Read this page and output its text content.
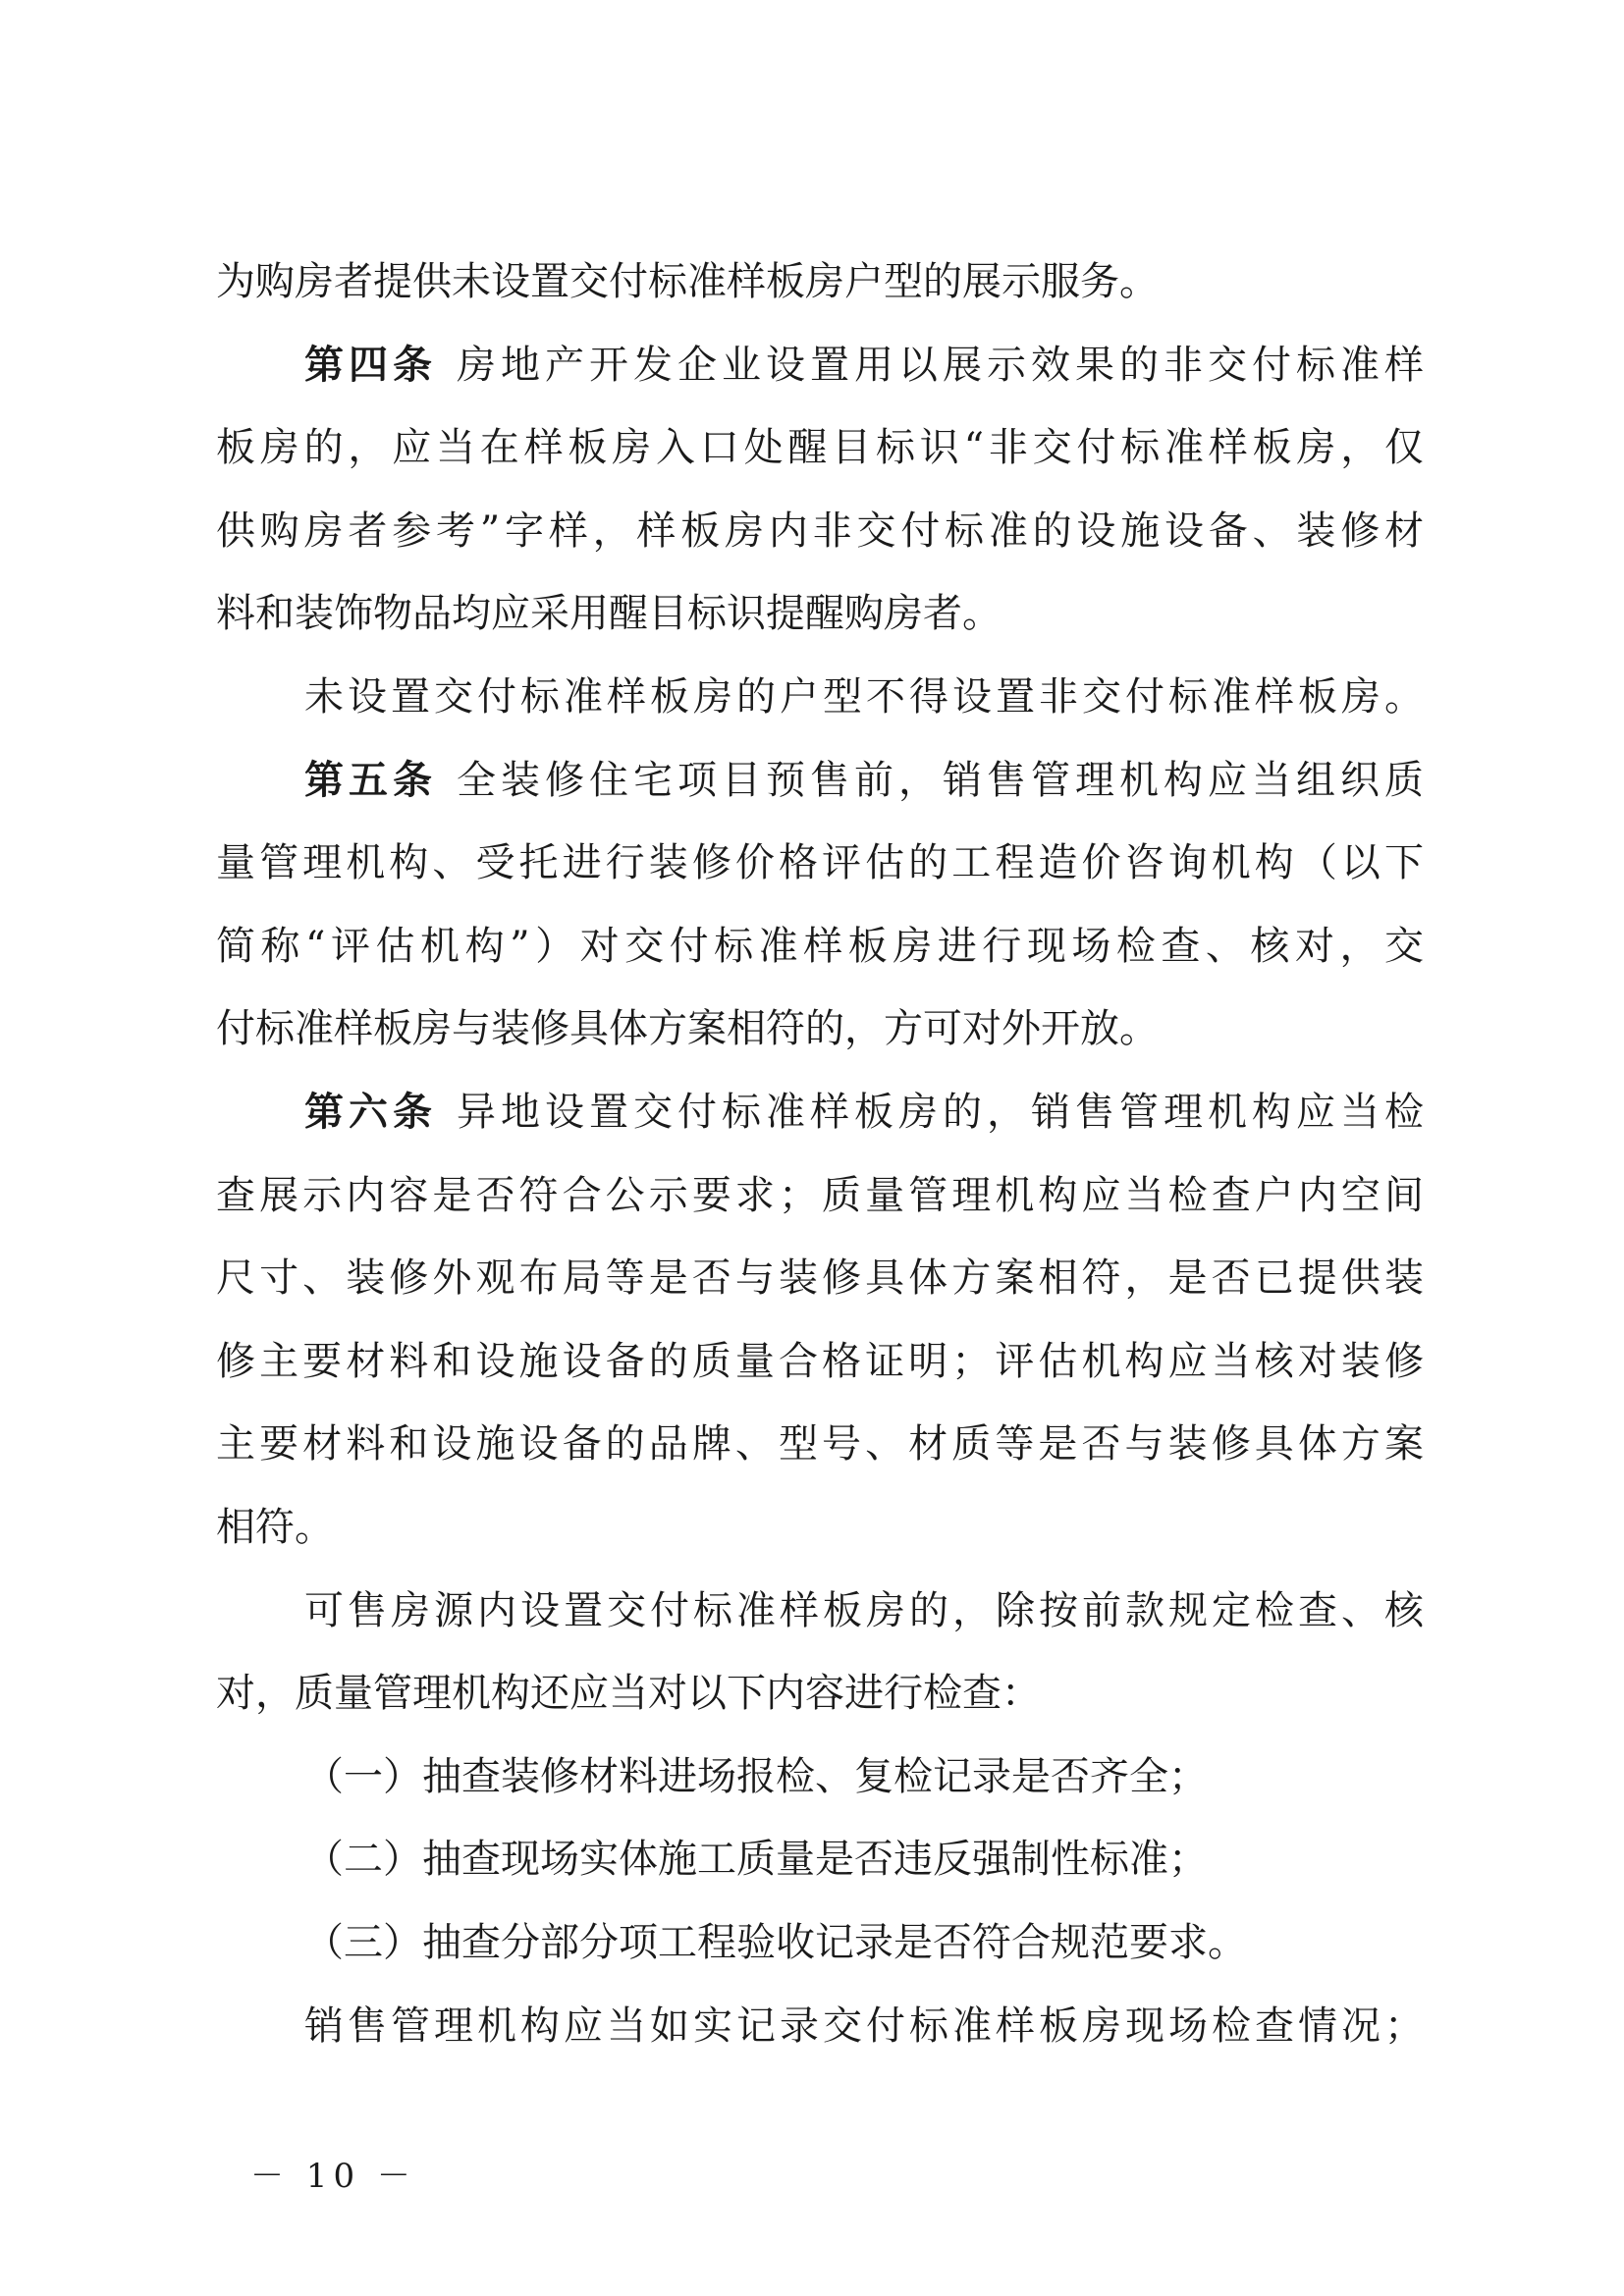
为购房者提供未设置交付标准样板房户型的展示服务。
第四条 房地产开发企业设置用以展示效果的非交付标准样
板房的，应当在样板房入口处醒目标识“非交付标准样板房，仅
供购房者参考”字样，样板房内非交付标准的设施设备、装修材
料和装饰物品均应采用醒目标识提醒购房者。
未设置交付标准样板房的户型不得设置非交付标准样板房。
第五条 全装修住宅项目预售前，销售管理机构应当组织质
量管理机构、受托进行装修价格评估的工程造价咨询机构（以下
简称“评估机构”）对交付标准样板房进行现场检查、核对，交
付标准样板房与装修具体方案相符的，方可对外开放。
第六条 异地设置交付标准样板房的，销售管理机构应当检
查展示内容是否符合公示要求；质量管理机构应当检查户内空间
尺寸、装修外观布局等是否与装修具体方案相符，是否已提供装
修主要材料和设施设备的质量合格证明；评估机构应当核对装修
主要材料和设施设备的品牌、型号、材质等是否与装修具体方案
相符。
可售房源内设置交付标准样板房的，除按前款规定检查、核
对，质量管理机构还应当对以下内容进行检查：
（一）抽查装修材料进场报检、复检记录是否齐全；
（二）抽查现场实体施工质量是否违反强制性标准；
（三）抽查分部分项工程验收记录是否符合规范要求。
销售管理机构应当如实记录交付标准样板房现场检查情况；
－ 10 －
